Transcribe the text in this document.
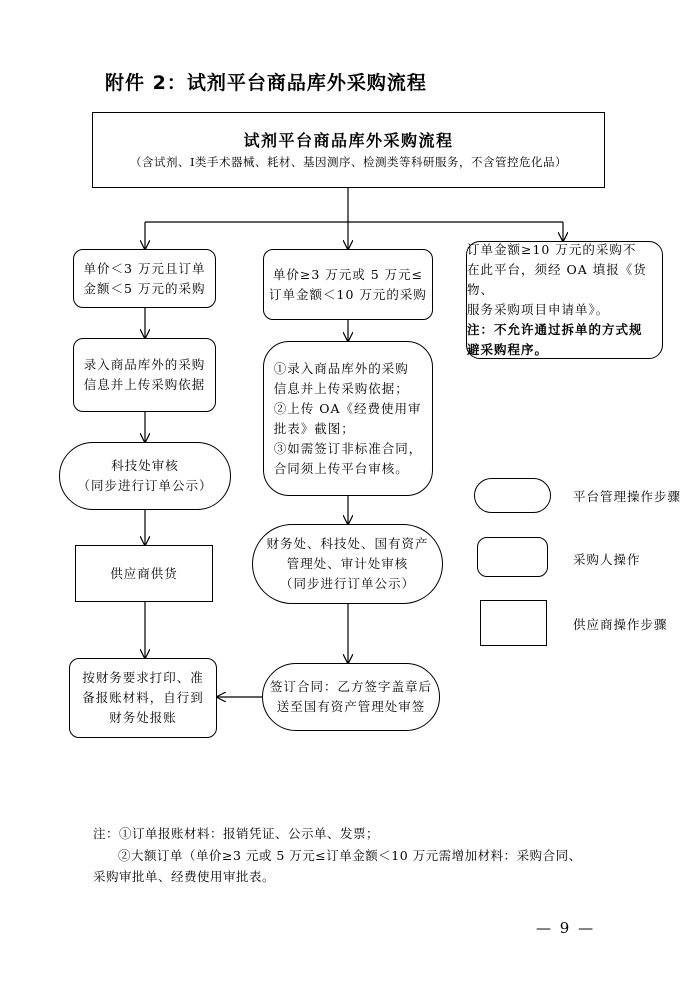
附件 2：试剂平台商品库外采购流程
试剂平台商品库外采购流程
（含试剂、Ⅰ类手术器械、耗材、基因测序、检测类等科研服务，不含管控危化品）
单价＜3 万元且订单
金额＜5 万元的采购
录入商品库外的采购
信息并上传采购依据
科技处审核
（同步进行订单公示）
供应商供货
按财务要求打印、准
备报账材料，自行到
财务处报账
单价≥3 万元或 5 万元≤
订单金额＜10 万元的采购
①录入商品库外的采购
信息并上传采购依据；
②上传 OA《经费使用审
批表》截图；
③如需签订非标准合同，
合同须上传平台审核。
财务处、科技处、国有资产
管理处、审计处审核
（同步进行订单公示）
签订合同：乙方签字盖章后
送至国有资产管理处审签
订单金额≥10 万元的采购不
在此平台，须经 OA 填报《货物、
服务采购项目申请单》。
注：不允许通过拆单的方式规
避采购程序。
平台管理操作步骤
采购人操作
供应商操作步骤
注：①订单报账材料：报销凭证、公示单、发票；
②大额订单（单价≥3 元或 5 万元≤订单金额＜10 万元需增加材料：采购合同、
采购审批单、经费使用审批表。
— 9 —
